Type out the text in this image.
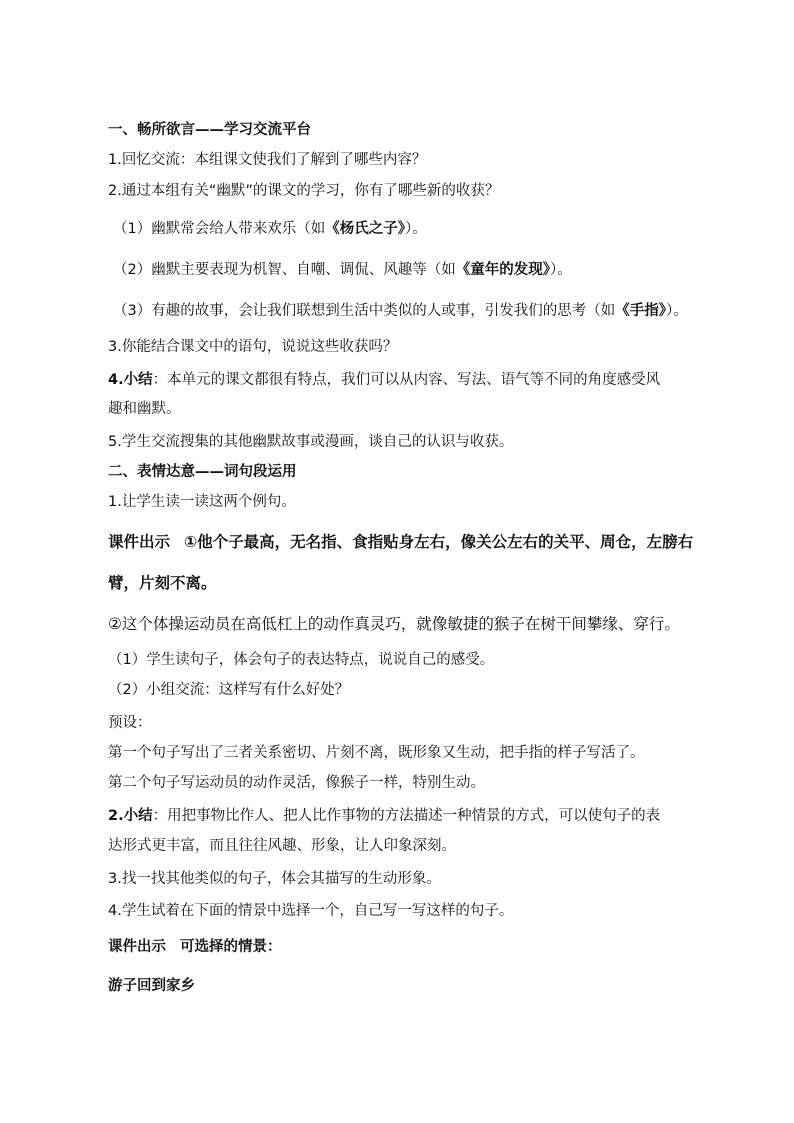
一、畅所欲言——学习交流平台
1.回忆交流：本组课文使我们了解到了哪些内容？
2.通过本组有关“幽默”的课文的学习，你有了哪些新的收获？
（1）幽默常会给人带来欢乐（如《杨氏之子》）。
（2）幽默主要表现为机智、自嘲、调侃、风趣等（如《童年的发现》）。
（3）有趣的故事，会让我们联想到生活中类似的人或事，引发我们的思考（如《手指》）。
3.你能结合课文中的语句，说说这些收获吗？
4.小结：本单元的课文都很有特点，我们可以从内容、写法、语气等不同的角度感受风
趣和幽默。
5.学生交流搜集的其他幽默故事或漫画，谈自己的认识与收获。
二、表情达意——词句段运用
1.让学生读一读这两个例句。
课件出示 ①他个子最高，无名指、食指贴身左右，像关公左右的关平、周仓，左膀右
臂，片刻不离。
②这个体操运动员在高低杠上的动作真灵巧，就像敏捷的猴子在树干间攀缘、穿行。
（1）学生读句子，体会句子的表达特点，说说自己的感受。
（2）小组交流：这样写有什么好处？
预设：
第一个句子写出了三者关系密切、片刻不离，既形象又生动，把手指的样子写活了。
第二个句子写运动员的动作灵活，像猴子一样，特别生动。
2.小结：用把事物比作人、把人比作事物的方法描述一种情景的方式，可以使句子的表
达形式更丰富，而且往往风趣、形象，让人印象深刻。
3.找一找其他类似的句子，体会其描写的生动形象。
4.学生试着在下面的情景中选择一个，自己写一写这样的句子。
课件出示 可选择的情景：
游子回到家乡
